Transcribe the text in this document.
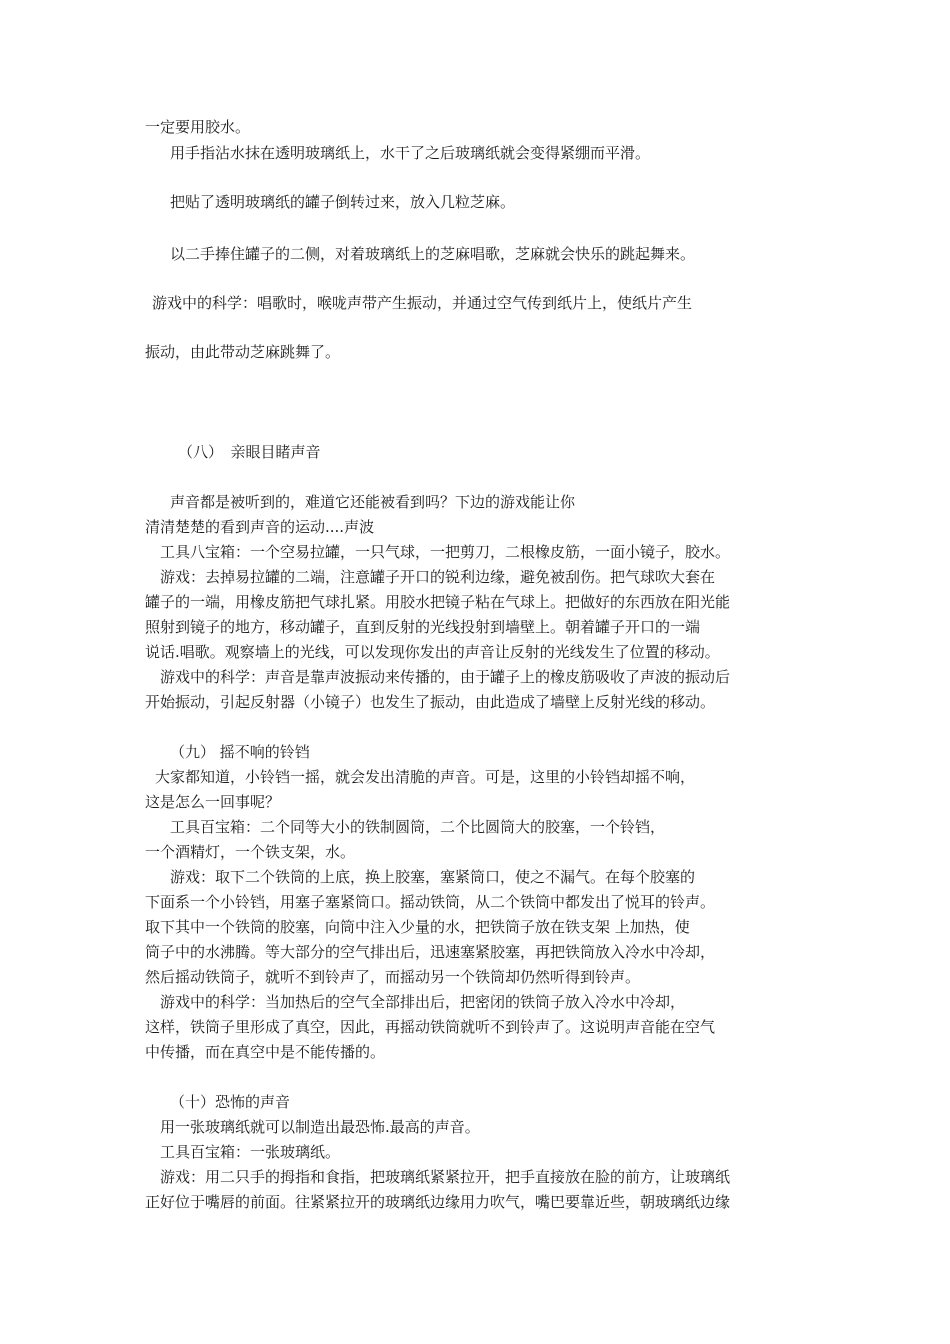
一定要用胶水。
用手指沾水抹在透明玻璃纸上，水干了之后玻璃纸就会变得紧绷而平滑。
把贴了透明玻璃纸的罐子倒转过来，放入几粒芝麻。
以二手捧住罐子的二侧，对着玻璃纸上的芝麻唱歌，芝麻就会快乐的跳起舞来。
游戏中的科学：唱歌时，喉咙声带产生振动，并通过空气传到纸片上，使纸片产生
振动，由此带动芝麻跳舞了。
（八）　亲眼目睹声音
声音都是被听到的，难道它还能被看到吗？下边的游戏能让你
清清楚楚的看到声音的运动....声波
工具八宝箱：一个空易拉罐，一只气球，一把剪刀，二根橡皮筋，一面小镜子，胶水。
游戏：去掉易拉罐的二端，注意罐子开口的锐利边缘，避免被刮伤。把气球吹大套在
罐子的一端，用橡皮筋把气球扎紧。用胶水把镜子粘在气球上。把做好的东西放在阳光能
照射到镜子的地方，移动罐子，直到反射的光线投射到墙壁上。朝着罐子开口的一端
说话.唱歌。观察墙上的光线，可以发现你发出的声音让反射的光线发生了位置的移动。
游戏中的科学：声音是靠声波振动来传播的，由于罐子上的橡皮筋吸收了声波的振动后
开始振动，引起反射器（小镜子）也发生了振动，由此造成了墙壁上反射光线的移动。
（九） 摇不响的铃铛
大家都知道，小铃铛一摇，就会发出清脆的声音。可是，这里的小铃铛却摇不响，
这是怎么一回事呢？
工具百宝箱：二个同等大小的铁制圆筒，二个比圆筒大的胶塞，一个铃铛，
一个酒精灯，一个铁支架，水。
游戏：取下二个铁筒的上底，换上胶塞，塞紧筒口，使之不漏气。在每个胶塞的
下面系一个小铃铛，用塞子塞紧筒口。摇动铁筒，从二个铁筒中都发出了悦耳的铃声。
取下其中一个铁筒的胶塞，向筒中注入少量的水，把铁筒子放在铁支架 上加热，使
筒子中的水沸腾。等大部分的空气排出后，迅速塞紧胶塞，再把铁筒放入冷水中冷却，
然后摇动铁筒子，就听不到铃声了，而摇动另一个铁筒却仍然听得到铃声。
游戏中的科学：当加热后的空气全部排出后，把密闭的铁筒子放入冷水中冷却，
这样，铁筒子里形成了真空，因此，再摇动铁筒就听不到铃声了。这说明声音能在空气
中传播，而在真空中是不能传播的。
（十）恐怖的声音
用一张玻璃纸就可以制造出最恐怖.最高的声音。
工具百宝箱：一张玻璃纸。
游戏：用二只手的拇指和食指，把玻璃纸紧紧拉开，把手直接放在脸的前方，让玻璃纸
正好位于嘴唇的前面。往紧紧拉开的玻璃纸边缘用力吹气，嘴巴要靠近些，朝玻璃纸边缘
